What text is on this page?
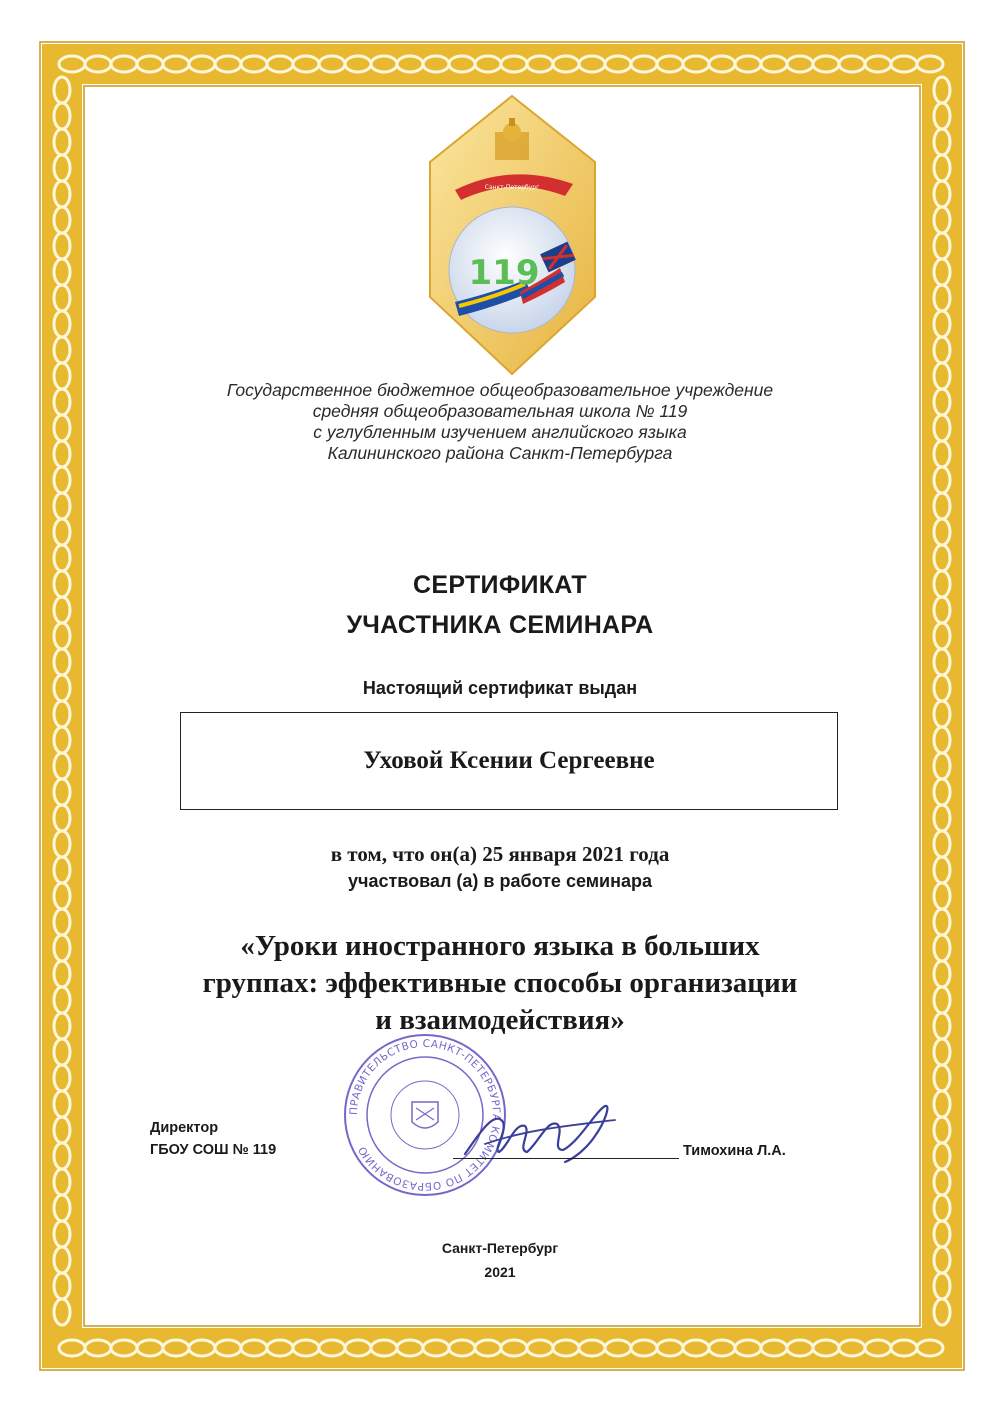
Санкт-Петербург
119
Государственное бюджетное общеобразовательное учреждение
средняя общеобразовательная школа № 119
с углубленным изучением английского языка
Калининского района Санкт-Петербурга
СЕРТИФИКАТ
УЧАСТНИКА СЕМИНАРА
Настоящий сертификат выдан
Уховой Ксении Сергеевне
в том, что он(а) 25 января 2021 года
участвовал (а) в работе семинара
«Уроки иностранного языка в больших
группах: эффективные способы организации
и взаимодействия»
Директор
ГБОУ СОШ № 119
ПРАВИТЕЛЬСТВО САНКТ-ПЕТЕРБУРГА КОМИТЕТ ПО ОБРАЗОВАНИЮ	Тимохина Л.А.
Санкт-Петербург
2021
